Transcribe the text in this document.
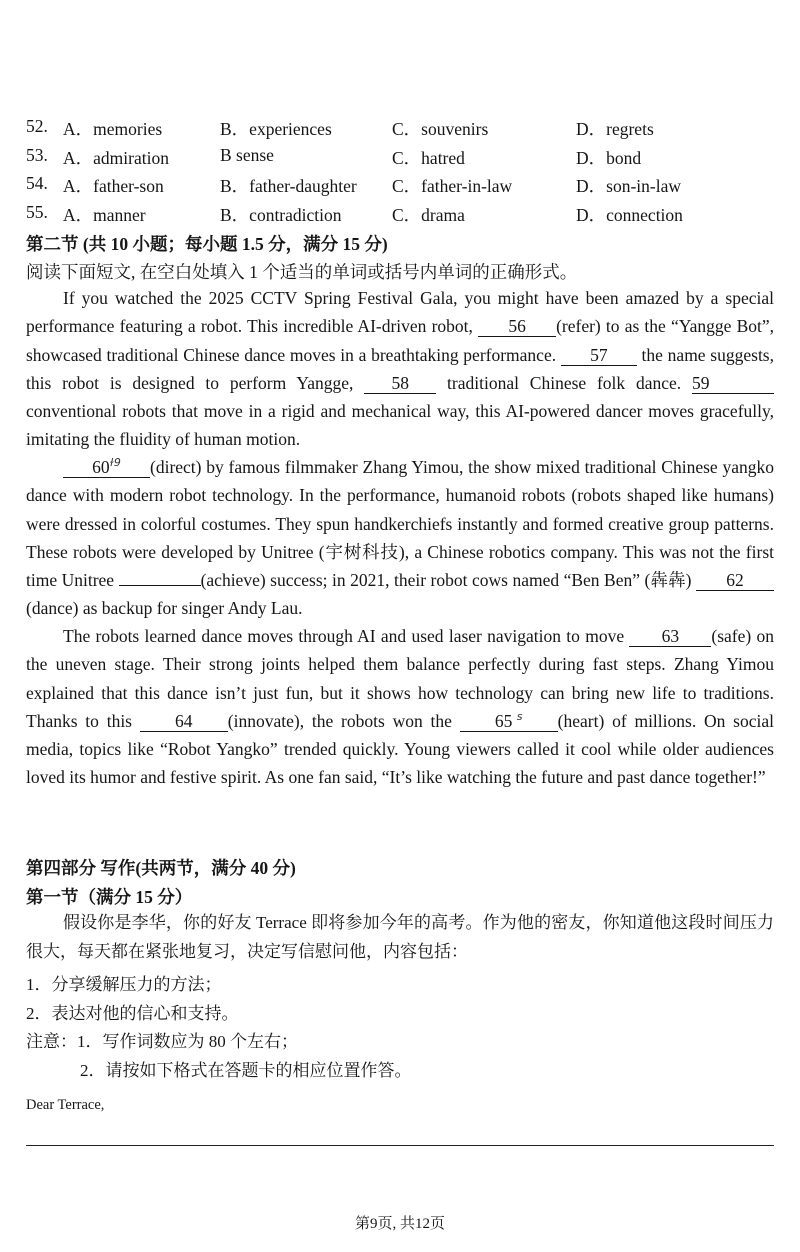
52. A．memories	B．experiences	C．souvenirs	D．regrets
53. A．admiration	B sense	C．hatred	D．bond
54. A．father-son	B．father-daughter C．father-in-law	D．son-in-law
55. A．manner	B．contradiction	C．drama	D．connection
第二节 (共 10 小题；每小题 1.5 分，满分 15 分)
阅读下面短文, 在空白处填入 1 个适当的单词或括号内单词的正确形式。
If you watched the 2025 CCTV Spring Festival Gala, you might have been amazed by a special performance featuring a robot. This incredible AI-driven robot, 56 (refer) to as the “Yangge Bot”, showcased traditional Chinese dance moves in a breathtaking performance. 57 the name suggests, this robot is designed to perform Yangge, 58 traditional Chinese folk dance. 59conventional robots that move in a rigid and mechanical way, this AI-powered dancer moves gracefully, imitating the fluidity of human motion.
$60^{ɫ9}$ (direct) by famous filmmaker Zhang Yimou, the show mixed traditional Chinese yangko dance with modern robot technology. In the performance, humanoid robots (robots shaped like humans) were dressed in colorful costumes. They spun handkerchiefs instantly and formed creative group patterns. These robots were developed by Unitree (宇树科技), a Chinese robotics company. This was not the first time Unitree	(achieve) success; in 2021, their robot cows named “Ben Ben” (犇犇) 62(dance) as backup for singer Andy Lau.
The robots learned dance moves through AI and used laser navigation to move 63 (safe) on the uneven stage. Their strong joints helped them balance perfectly during fast steps. Zhang Yimou explained that this dance isn’t just fun, but it shows how technology can bring new life to traditions. Thanks to this 64 (innovate), the robots won the 65 $^s$ (heart) of millions. On social media, topics like “Robot Yangko” trended quickly. Young viewers called it cool while older audiences loved its humor and festive spirit. As one fan said, “It’s like watching the future and past dance together!”
第四部分 写作(共两节，满分 40 分)
第一节（满分 15 分）
假设你是李华，你的好友 Terrace 即将参加今年的高考。作为他的密友，你知道他这段时间压力很大，每天都在紧张地复习，决定写信慰问他，内容包括：
1．分享缓解压力的方法；
2．表达对他的信心和支持。
注意：1．写作词数应为 80 个左右；
2．请按如下格式在答题卡的相应位置作答。
Dear Terrace,
第9页, 共12页
